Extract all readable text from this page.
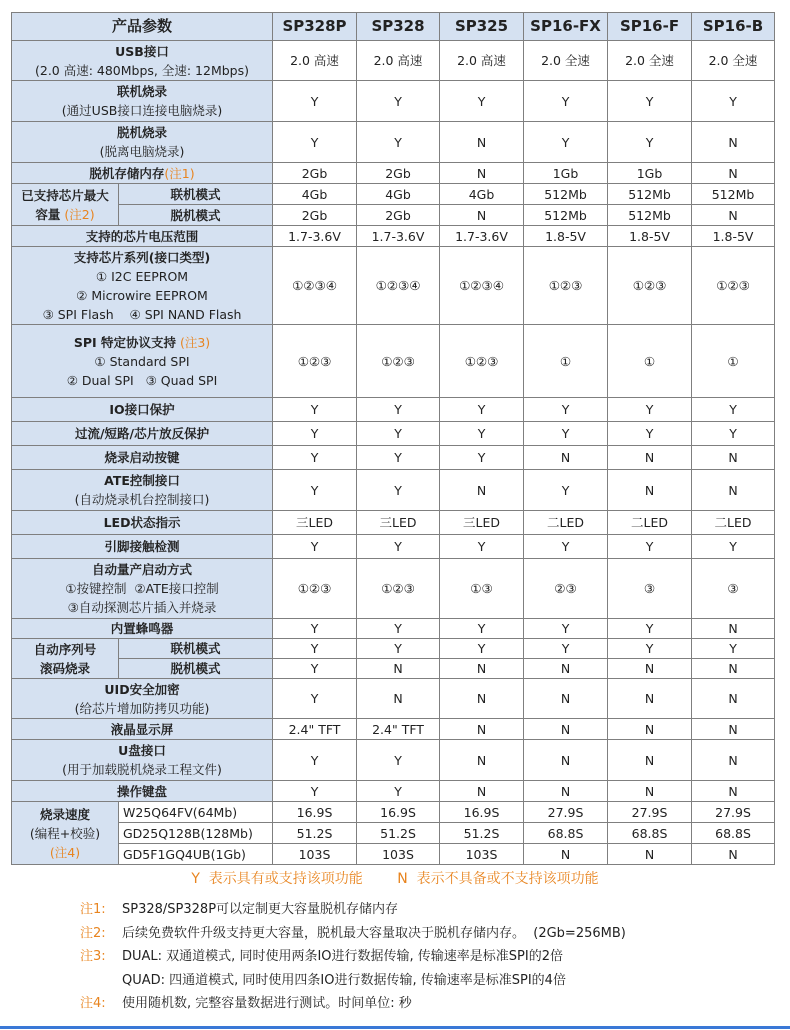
产品参数		SP328P	SP328	SP325	SP16-FX	SP16-F	SP16-B
USB接口
(2.0 高速: 480Mbps, 全速: 12Mbps)		2.0 高速	2.0 高速	2.0 高速	2.0 全速	2.0 全速	2.0 全速
联机烧录
(通过USB接口连接电脑烧录)		Y	Y	Y	Y	Y	Y
脱机烧录
(脱离电脑烧录)		Y	Y	N	Y	Y	N
脱机存储内存(注1)		2Gb	2Gb	N	1Gb	1Gb	N
已支持芯片最大
容量 (注2)	联机模式	4Gb	4Gb	4Gb	512Mb	512Mb	512Mb
	脱机模式	2Gb	2Gb	N	512Mb	512Mb	N
支持的芯片电压范围		1.7-3.6V	1.7-3.6V	1.7-3.6V	1.8-5V	1.8-5V	1.8-5V
支持芯片系列(接口类型)
① I2C EEPROM
② Microwire EEPROM
③ SPI Flash    ④ SPI NAND Flash		①②③④	①②③④	①②③④	①②③	①②③	①②③
SPI 特定协议支持 (注3)
① Standard SPI
② Dual SPI   ③ Quad SPI		①②③	①②③	①②③	①	①	①
IO接口保护		Y	Y	Y	Y	Y	Y
过流/短路/芯片放反保护		Y	Y	Y	Y	Y	Y
烧录启动按键		Y	Y	Y	N	N	N
ATE控制接口
(自动烧录机台控制接口)		Y	Y	N	Y	N	N
LED状态指示		三LED	三LED	三LED	二LED	二LED	二LED
引脚接触检测		Y	Y	Y	Y	Y	Y
自动量产启动方式
①按键控制  ②ATE接口控制
③自动探测芯片插入并烧录		①②③	①②③	①③	②③	③	③
内置蜂鸣器		Y	Y	Y	Y	Y	N
自动序列号
滚码烧录	联机模式	Y	Y	Y	Y	Y	Y
	脱机模式	Y	N	N	N	N	N
UID安全加密
(给芯片增加防拷贝功能)		Y	N	N	N	N	N
液晶显示屏		2.4" TFT	2.4" TFT	N	N	N	N
U盘接口
(用于加载脱机烧录工程文件)		Y	Y	N	N	N	N
操作键盘		Y	Y	N	N	N	N
烧录速度
(编程+校验)
(注4)	W25Q64FV(64Mb)	16.9S	16.9S	16.9S	27.9S	27.9S	27.9S
	GD25Q128B(128Mb)	51.2S	51.2S	51.2S	68.8S	68.8S	68.8S
	GD5F1GQ4UB(1Gb)	103S	103S	103S	N	N	N
Y  表示具有或支持该项功能 N  表示不具备或不支持该项功能
注1: SP328/SP328P可以定制更大容量脱机存储内存
注2: 后续免费软件升级支持更大容量，脱机最大容量取决于脱机存储内存。  (2Gb=256MB)
注3: DUAL: 双通道模式, 同时使用两条IO进行数据传输, 传输速率是标准SPI的2倍
QUAD: 四通道模式, 同时使用四条IO进行数据传输, 传输速率是标准SPI的4倍
注4: 使用随机数, 完整容量数据进行测试。时间单位: 秒
